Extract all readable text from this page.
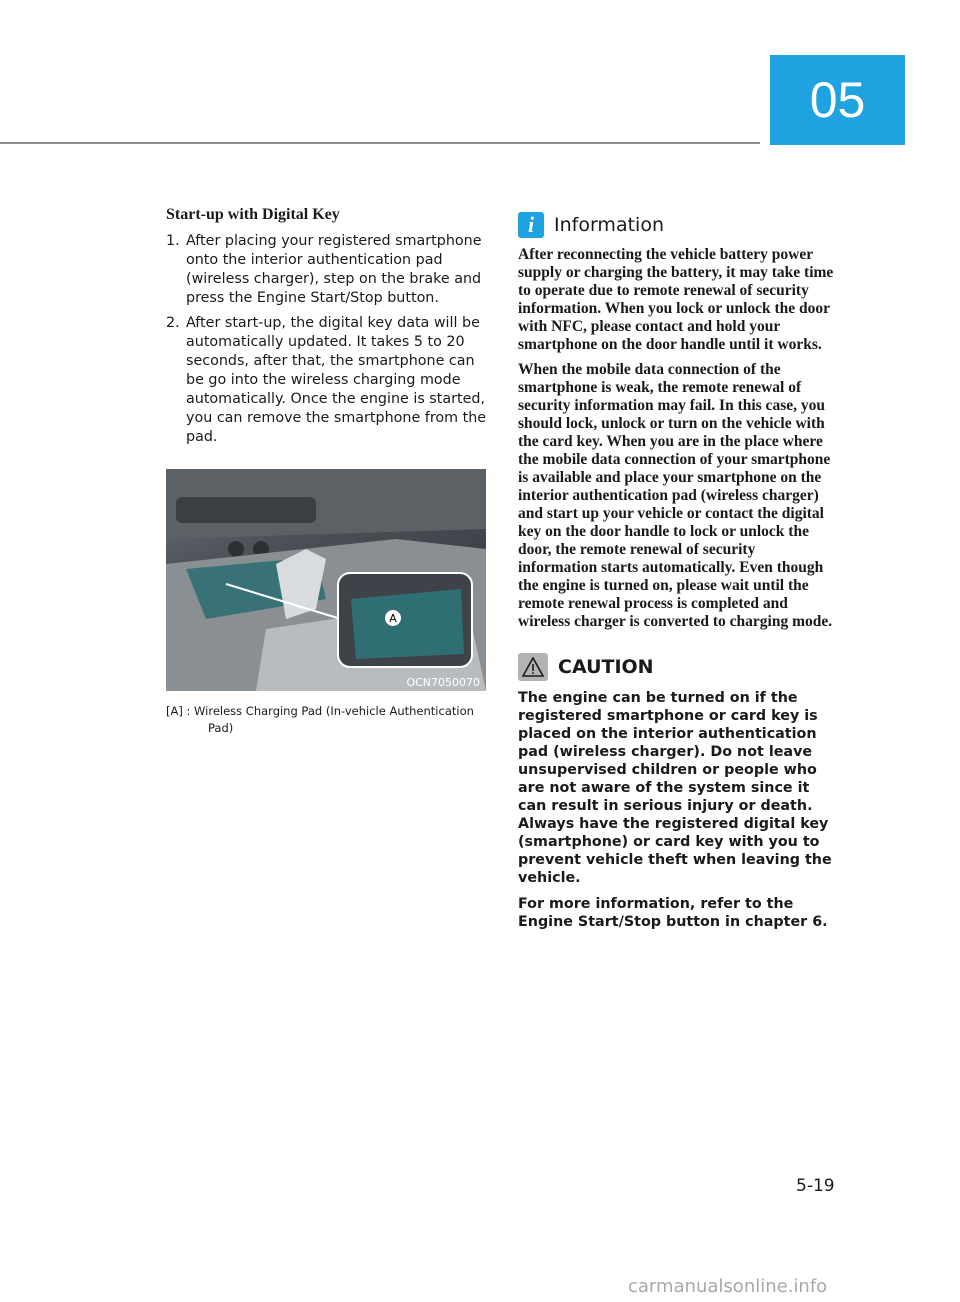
05
Start-up with Digital Key
1. After placing your registered smartphone onto the interior authentication pad (wireless charger), step on the brake and press the Engine Start/Stop button.
2. After start-up, the digital key data will be automatically updated. It takes 5 to 20 seconds, after that, the smartphone can be go into the wireless charging mode automatically. Once the engine is started, you can remove the smartphone from the pad.
A
OCN7050070
[A] : Wireless Charging Pad (In-vehicle Authentication Pad)
i	Information

After reconnecting the vehicle battery power supply or charging the battery, it may take time to operate due to remote renewal of security information. When you lock or unlock the door with NFC, please contact and hold your smartphone on the door handle until it works.

When the mobile data connection of the smartphone is weak, the remote renewal of security information may fail. In this case, you should lock, unlock or turn on the vehicle with the card key. When you are in the place where the mobile data connection of your smartphone is available and place your smartphone on the interior authentication pad (wireless charger) and start up your vehicle or contact the digital key on the door handle to lock or unlock the door, the remote renewal of security information starts automatically. Even though the engine is turned on, please wait until the remote renewal process is completed and wireless charger is converted to charging mode.

CAUTION

The engine can be turned on if the registered smartphone or card key is placed on the interior authentication pad (wireless charger). Do not leave unsupervised children or people who are not aware of the system since it can result in serious injury or death. Always have the registered digital key (smartphone) or card key with you to prevent vehicle theft when leaving the vehicle.

For more information, refer to the Engine Start/Stop button in chapter 6.

5-19
carmanualsonline.info
